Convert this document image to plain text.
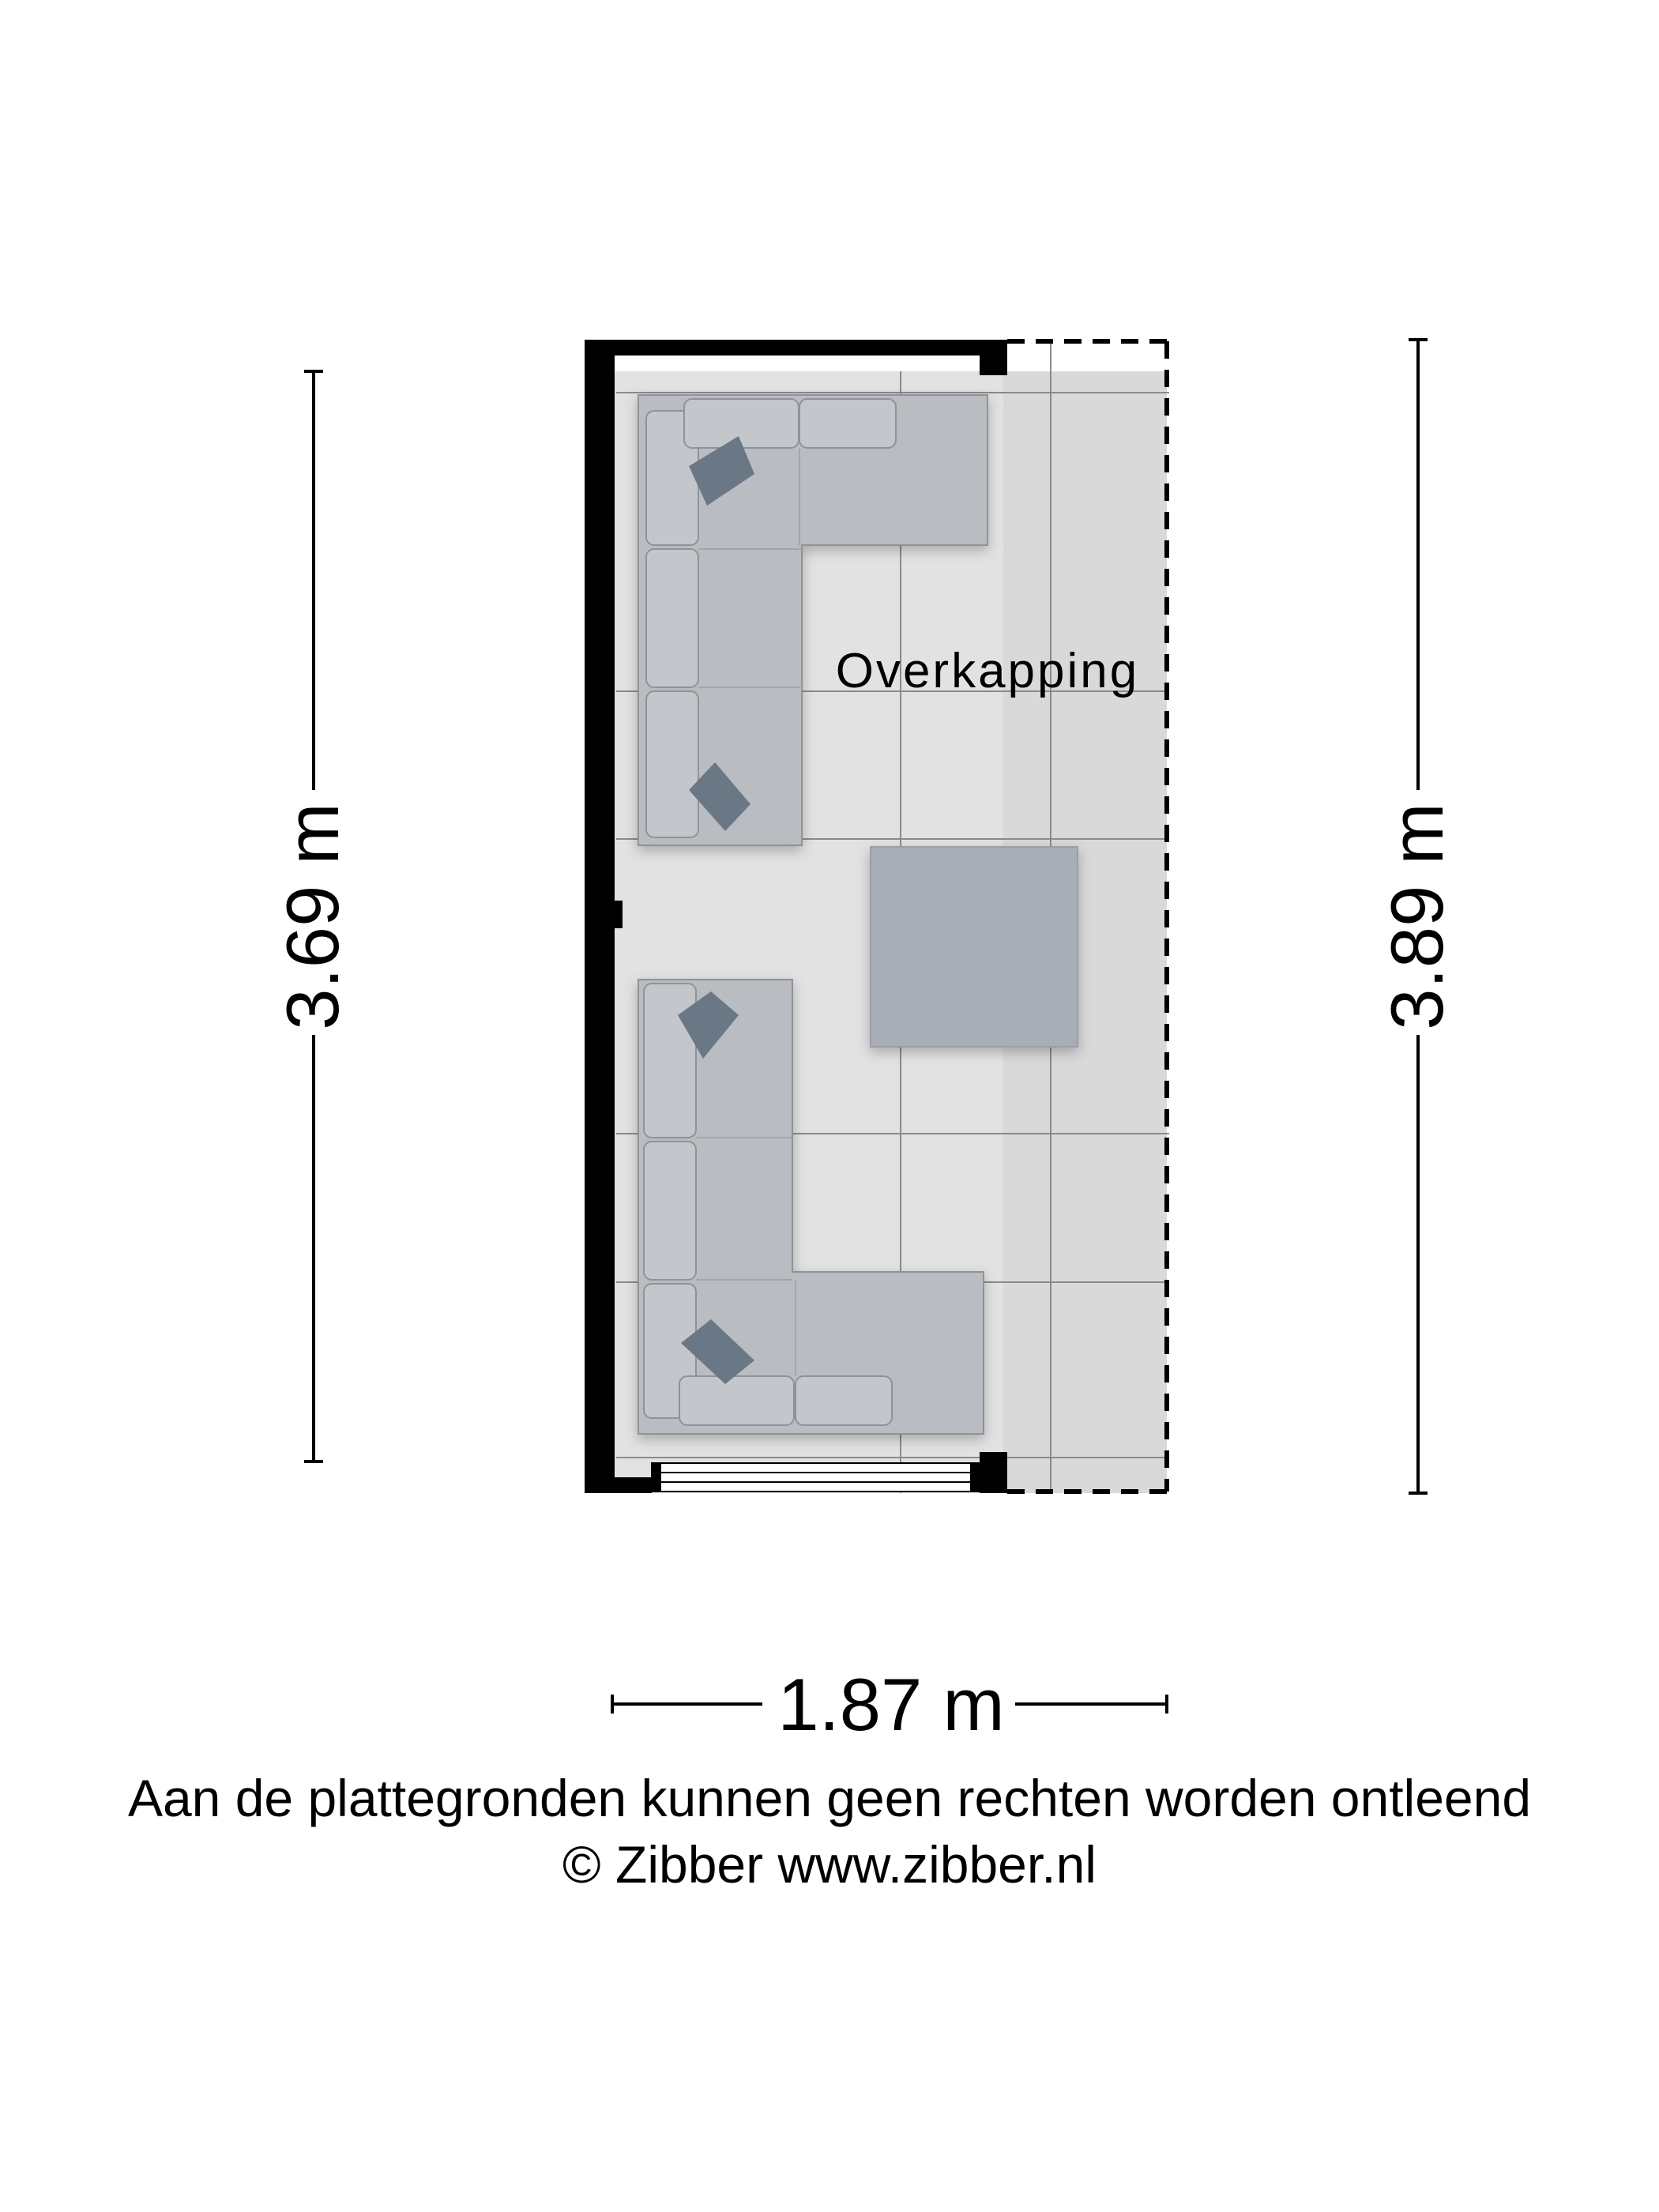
Overkapping
3.69 m	3.89 m
1.87 m
Aan de plattegronden kunnen geen rechten worden ontleend
© Zibber www.zibber.nl
